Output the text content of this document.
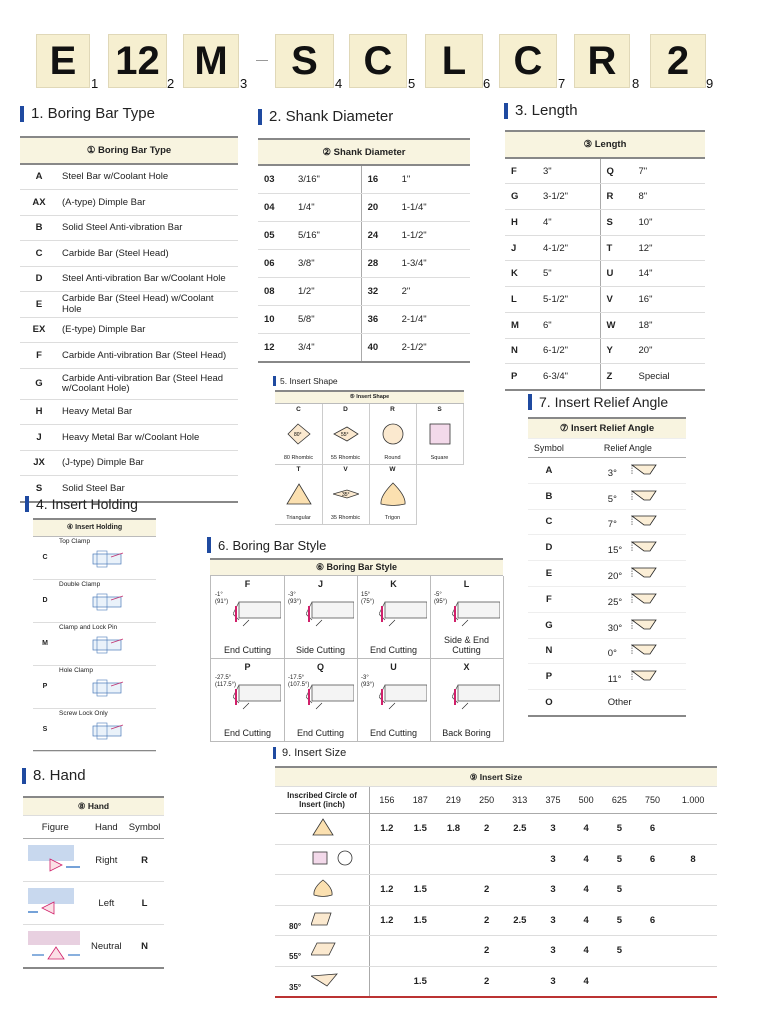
E
1
12
2
M
3
S
4
C
5
L
6
C
7
R
8
2
9
1. Boring Bar Type
① Boring Bar Type	
A	Steel Bar w/Coolant Hole
AX	(A-type) Dimple Bar
B	Solid Steel Anti-vibration Bar
C	Carbide Bar (Steel Head)
D	Steel Anti-vibration Bar w/Coolant Hole
E	Carbide Bar (Steel Head) w/Coolant Hole
EX	(E-type) Dimple Bar
F	Carbide Anti-vibration Bar (Steel Head)
G	Carbide Anti-vibration Bar (Steel Head w/Coolant Hole)
H	Heavy Metal Bar
J	Heavy Metal Bar w/Coolant Hole
JX	(J-type) Dimple Bar
S	Solid Steel Bar
2. Shank Diameter
② Shank Diameter			
03	3/16"	16	1"
04	1/4"	20	1-1/4"
05	5/16"	24	1-1/2"
06	3/8"	28	1-3/4"
08	1/2"	32	2"
10	5/8"	36	2-1/4"
12	3/4"	40	2-1/2"
3. Length
③ Length			
F	3"	Q	7"
G	3-1/2"	R	8"
H	4"	S	10"
J	4-1/2"	T	12"
K	5"	U	14"
L	5-1/2"	V	16"
M	6"	W	18"
N	6-1/2"	Y	20"
P	6-3/4"	Z	Special
5. Insert Shape
⑤ Insert Shape
C
80°
80 Rhombic
D
55°
55 Rhombic
R
Round
S
Square
T
Triangular
V
35°
35 Rhombic
W
Trigon
7. Insert Relief Angle
⑦ Insert Relief Angle	
Symbol	Relief Angle
A	3°
B	5°
C	7°
D	15°
E	20°
F	25°
G	30°
N	0°
P	11°
O	Other
4. Insert Holding
④ Insert Holding
C
Top Clamp
D
Double Clamp
M
Clamp and Lock Pin
P
Hole Clamp
S
Screw Lock Only
6. Boring Bar Style
⑥ Boring Bar Style
F
-1°
(91°)
End Cutting
J
-3°
(93°)
Side Cutting
K
15°
(75°)
End Cutting
L
-5°
(95°)
Side & End Cutting
P
-27.5°
(117.5°)
End Cutting
Q
-17.5°
(107.5°)
End Cutting
U
-3°
(93°)
End Cutting
X
Back Boring
9. Insert Size
⑨ Insert Size										
Inscribed Circle of Insert (inch)	156	187	219	250	313	375	500	625	750	1.000
	1.2	1.5	1.8	2	2.5	3	4	5	6	
						3	4	5	6	8
	1.2	1.5		2		3	4	5		
80°	1.2	1.5		2	2.5	3	4	5	6	
55°				2		3	4	5		
35°		1.5		2		3	4			
8. Hand
⑧ Hand		
Figure	Hand	Symbol
	Right	R
	Left	L
	Neutral	N
